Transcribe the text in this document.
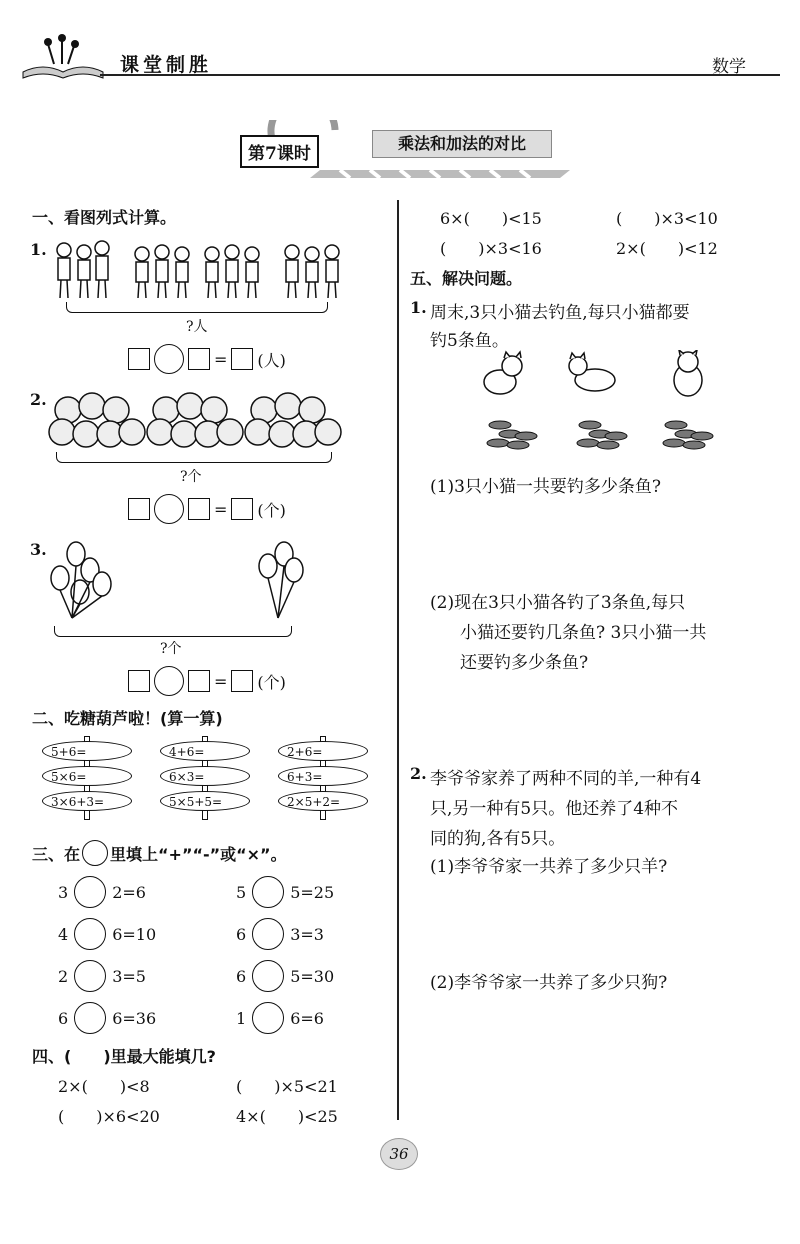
课堂制胜	数学
第7课时
乘法和加法的对比
一、看图列式计算。
1.
?人
= (人)
2.
?个
= (个)
3.
?个
= (个)
二、吃糖葫芦啦！(算一算)
5+6=
5×6=
3×6+3=
4+6=
6×3=
5×5+5=
2+6=
6+3=
2×5+2=
三、在 里填上“+”“-”或“×”。
3	2=6	5	5=25
4	6=10	6	3=3
2	3=5	6	5=30
6	6=36	1	6=6
四、(　　)里最大能填几?
2×(　　)<8	(　　)×5<21
(　　)×6<20	4×(　　)<25
6×(　　)<15	(　　)×3<10
(　　)×3<16	2×(　　)<12
五、解决问题。
1. 周末,3只小猫去钓鱼,每只小猫都要
钓5条鱼。
(1)3只小猫一共要钓多少条鱼?
(2)现在3只小猫各钓了3条鱼,每只
小猫还要钓几条鱼? 3只小猫一共
还要钓多少条鱼?
2. 李爷爷家养了两种不同的羊,一种有4
只,另一种有5只。他还养了4种不
同的狗,各有5只。
(1)李爷爷家一共养了多少只羊?
(2)李爷爷家一共养了多少只狗?
36
